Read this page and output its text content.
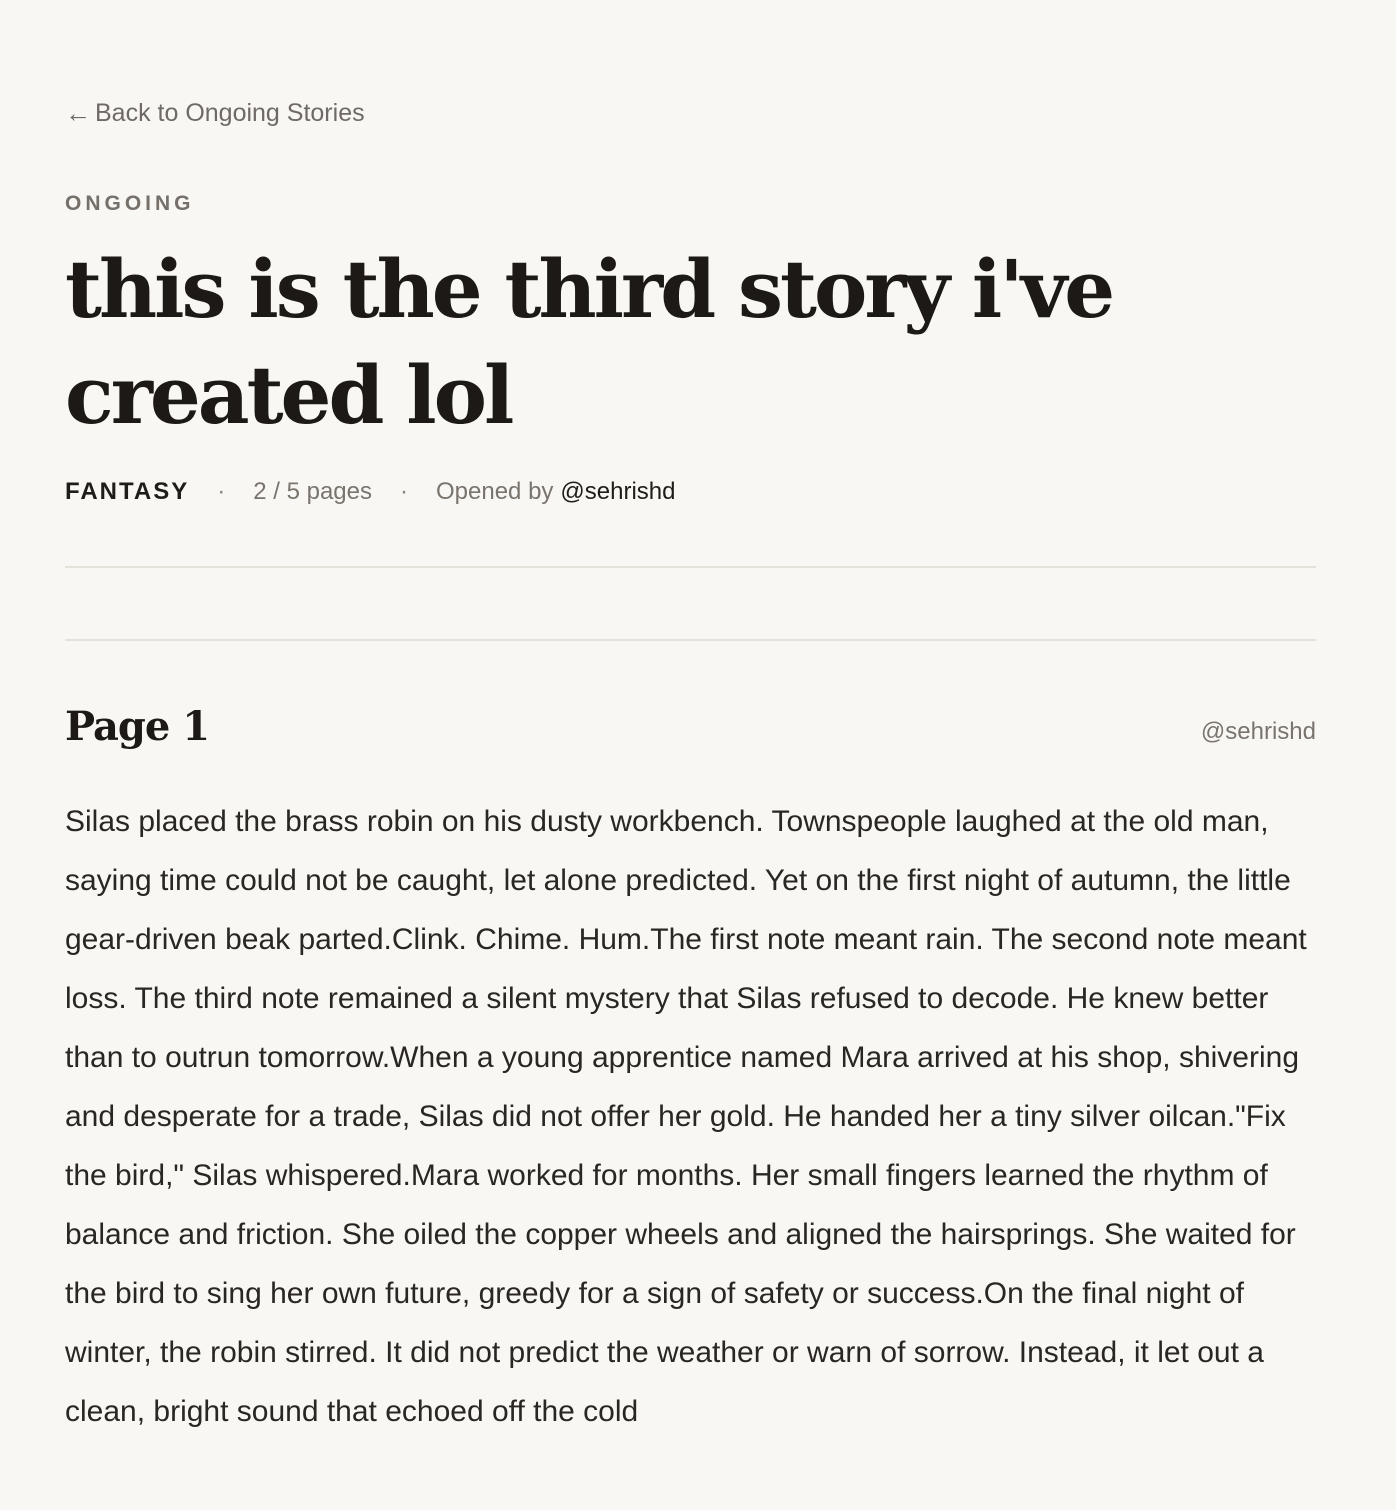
← Back to Ongoing Stories
ONGOING
this is the third story i've created lol
FANTASY · 2 / 5 pages · Opened by @sehrishd
Page 1	@sehrishd

Silas placed the brass robin on his dusty workbench. Townspeople laughed at the old man, saying time could not be caught, let alone predicted. Yet on the first night of autumn, the little gear-driven beak parted.Clink. Chime. Hum.The first note meant rain. The second note meant loss. The third note remained a silent mystery that Silas refused to decode. He knew better than to outrun tomorrow.When a young apprentice named Mara arrived at his shop, shivering and desperate for a trade, Silas did not offer her gold. He handed her a tiny silver oilcan."Fix the bird," Silas whispered.Mara worked for months. Her small fingers learned the rhythm of balance and friction. She oiled the copper wheels and aligned the hairsprings. She waited for the bird to sing her own future, greedy for a sign of safety or success.On the final night of winter, the robin stirred. It did not predict the weather or warn of sorrow. Instead, it let out a clean, bright sound that echoed off the cold
